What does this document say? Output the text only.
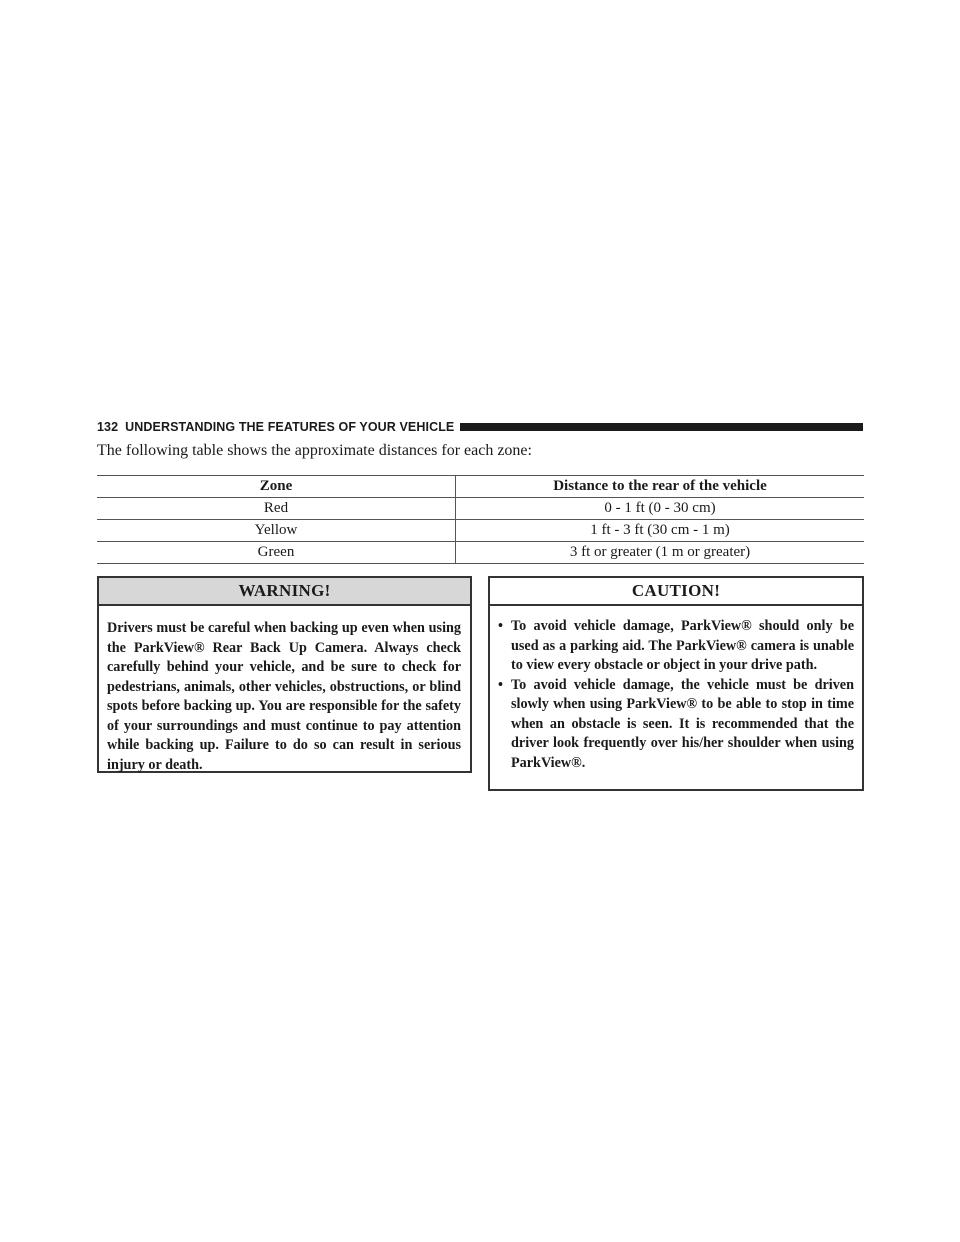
132 UNDERSTANDING THE FEATURES OF YOUR VEHICLE

The following table shows the approximate distances for each zone:

Zone	Distance to the rear of the vehicle
Red	0 - 1 ft (0 - 30 cm)
Yellow	1 ft - 3 ft (30 cm - 1 m)
Green	3 ft or greater (1 m or greater)
WARNING!
Drivers must be careful when backing up even when using the ParkView® Rear Back Up Camera. Always check carefully behind your vehicle, and be sure to check for pedestrians, animals, other vehicles, obstructions, or blind spots before backing up. You are responsible for the safety of your surroundings and must continue to pay attention while backing up. Failure to do so can result in serious injury or death.
CAUTION!
• To avoid vehicle damage, ParkView® should only be used as a parking aid. The ParkView® camera is unable to view every obstacle or object in your drive path.
• To avoid vehicle damage, the vehicle must be driven slowly when using ParkView® to be able to stop in time when an obstacle is seen. It is recommended that the driver look frequently over his/her shoulder when using ParkView®.
